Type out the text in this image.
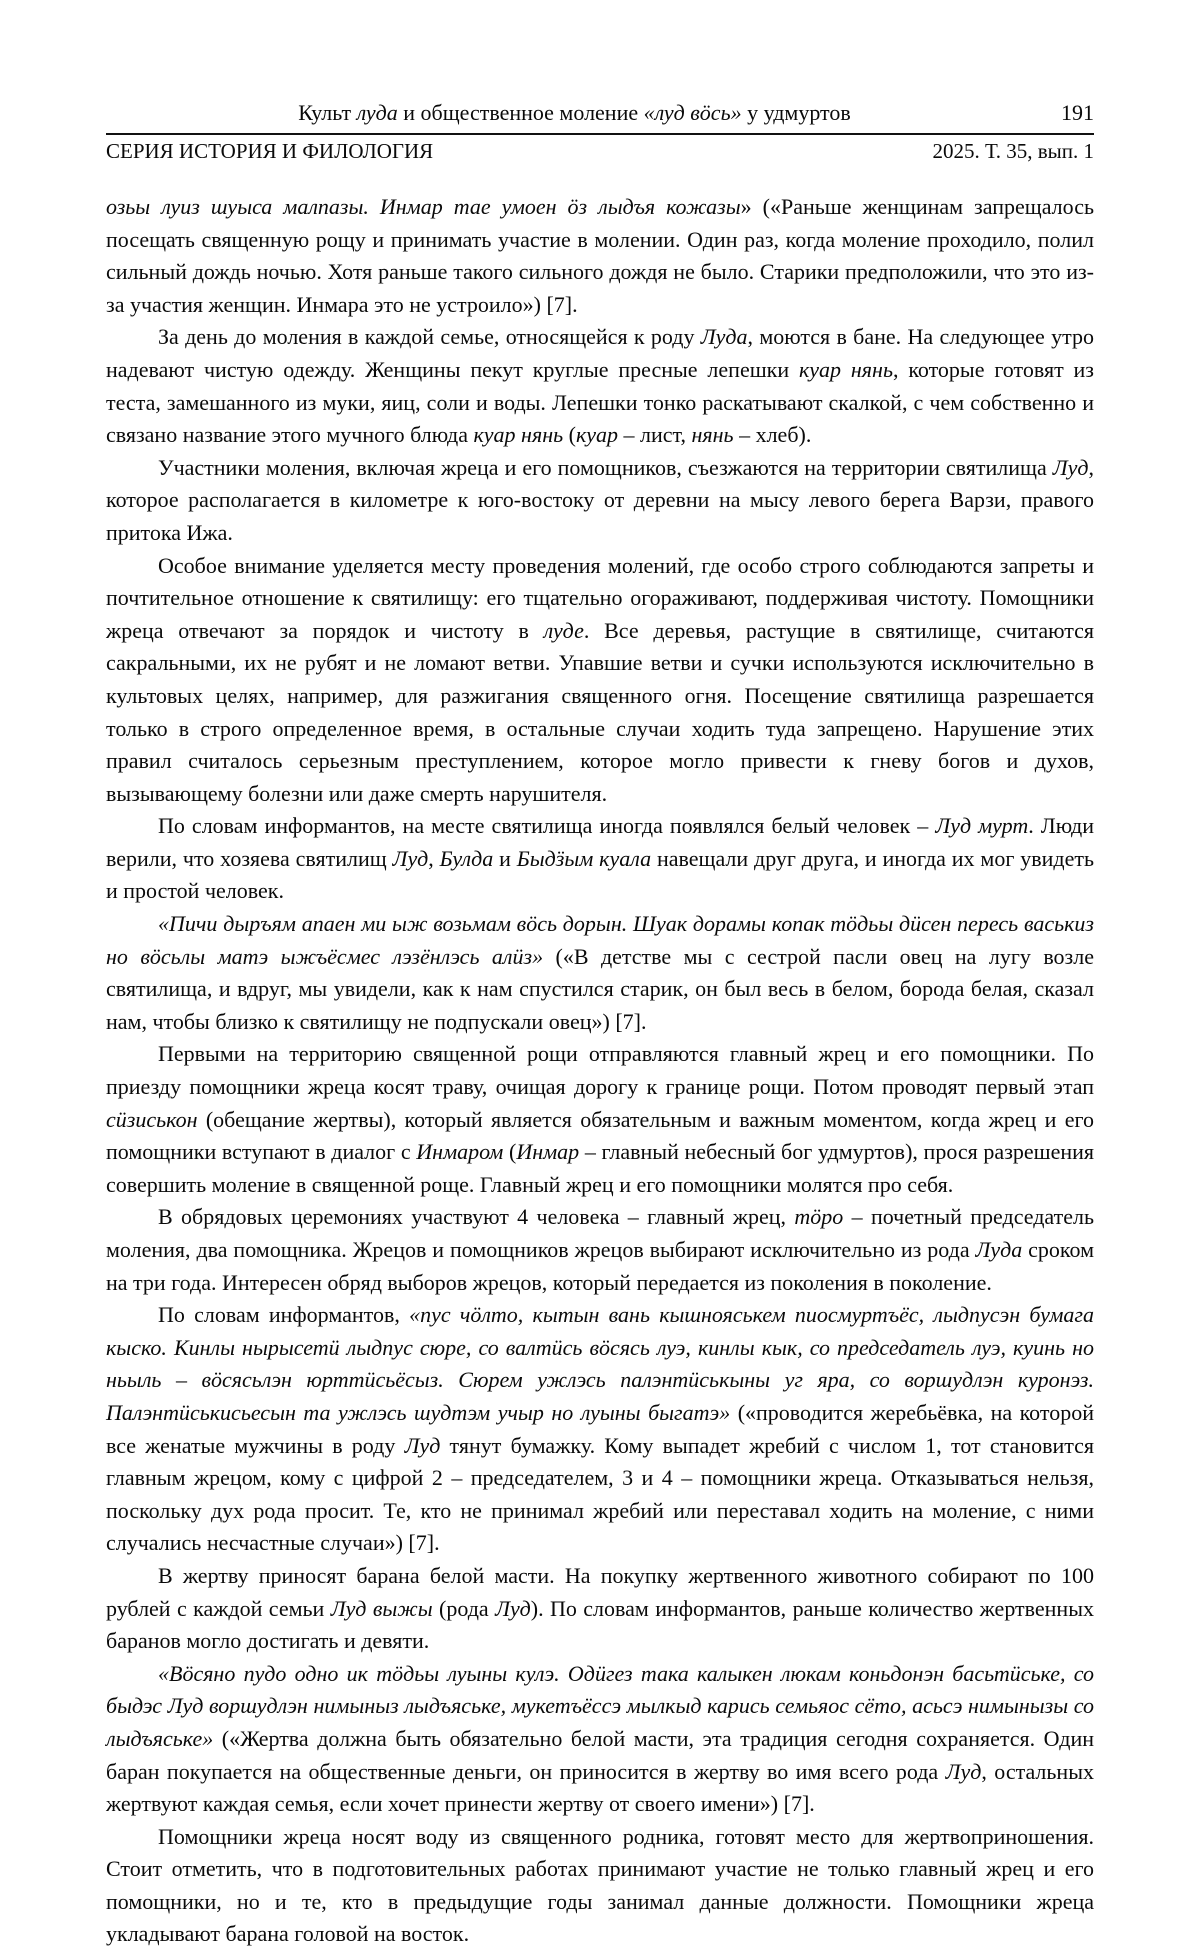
Культ луда и общественное моление «луд вöсь» у удмуртов	191
СЕРИЯ ИСТОРИЯ И ФИЛОЛОГИЯ	2025. Т. 35, вып. 1

озьы луиз шуыса малпазы. Инмар тае умоен öз лыдъя кожазы» («Раньше женщинам запрещалось посещать священную рощу и принимать участие в молении. Один раз, когда моление проходило, полил сильный дождь ночью. Хотя раньше такого сильного дождя не было. Старики предположили, что это из-за участия женщин. Инмара это не устроило») [7].

За день до моления в каждой семье, относящейся к роду Луда, моются в бане. На следующее утро надевают чистую одежду. Женщины пекут круглые пресные лепешки куар нянь, которые готовят из теста, замешанного из муки, яиц, соли и воды. Лепешки тонко раскатывают скалкой, с чем собственно и связано название этого мучного блюда куар нянь (куар – лист, нянь – хлеб).

Участники моления, включая жреца и его помощников, съезжаются на территории святилища Луд, которое располагается в километре к юго-востоку от деревни на мысу левого берега Варзи, правого притока Ижа.

Особое внимание уделяется месту проведения молений, где особо строго соблюдаются запреты и почтительное отношение к святилищу: его тщательно огораживают, поддерживая чистоту. Помощники жреца отвечают за порядок и чистоту в луде. Все деревья, растущие в святилище, считаются сакральными, их не рубят и не ломают ветви. Упавшие ветви и сучки используются исключительно в культовых целях, например, для разжигания священного огня. Посещение святилища разрешается только в строго определенное время, в остальные случаи ходить туда запрещено. Нарушение этих правил считалось серьезным преступлением, которое могло привести к гневу богов и духов, вызывающему болезни или даже смерть нарушителя.

По словам информантов, на месте святилища иногда появлялся белый человек – Луд мурт. Люди верили, что хозяева святилищ Луд, Булда и Быдӟым куала навещали друг друга, и иногда их мог увидеть и простой человек.

«Пичи дыръям апаен ми ыж возьмам вöсь дорын. Шуак дорамы копак тöдьы дüсен пересь васькиз но вöсьлы матэ ыжъёсмес лэзёнлэсь алüз» («В детстве мы с сестрой пасли овец на лугу возле святилища, и вдруг, мы увидели, как к нам спустился старик, он был весь в белом, борода белая, сказал нам, чтобы близко к святилищу не подпускали овец») [7].

Первыми на территорию священной рощи отправляются главный жрец и его помощники. По приезду помощники жреца косят траву, очищая дорогу к границе рощи. Потом проводят первый этап сüзиськон (обещание жертвы), который является обязательным и важным моментом, когда жрец и его помощники вступают в диалог с Инмаром (Инмар – главный небесный бог удмуртов), прося разрешения совершить моление в священной роще. Главный жрец и его помощники молятся про себя.

В обрядовых церемониях участвуют 4 человека – главный жрец, тöро – почетный председатель моления, два помощника. Жрецов и помощников жрецов выбирают исключительно из рода Луда сроком на три года. Интересен обряд выборов жрецов, который передается из поколения в поколение.

По словам информантов, «пус чöлто, кытын вань кышнояськем пиосмуртъёс, лыдпусэн бумага кыско. Кинлы нырысетü лыдпус сюре, со валтüсь вöсясь луэ, кинлы кык, со председатель луэ, куинь но ньыль – вöсясьлэн юрттüсьёсыз. Сюрем ужлэсь палэнтüськыны уг яра, со воршудлэн куронэз. Палэнтüськисьесын та ужлэсь шудтэм учыр но луыны быгатэ» («проводится жеребьёвка, на которой все женатые мужчины в роду Луд тянут бумажку. Кому выпадет жребий с числом 1, тот становится главным жрецом, кому с цифрой 2 – председателем, 3 и 4 – помощники жреца. Отказываться нельзя, поскольку дух рода просит. Те, кто не принимал жребий или переставал ходить на моление, с ними случались несчастные случаи») [7].

В жертву приносят барана белой масти. На покупку жертвенного животного собирают по 100 рублей с каждой семьи Луд выжы (рода Луд). По словам информантов, раньше количество жертвенных баранов могло достигать и девяти.

«Вöсяно пудо одно ик тöдьы луыны кулэ. Одüгез така калыкен люкам коньдонэн басьтüське, со быдэс Луд воршудлэн нимыныз лыдъяське, мукетъёссэ мылкыд карись семьяос сёто, асьсэ нимынызы со лыдъяське» («Жертва должна быть обязательно белой масти, эта традиция сегодня сохраняется. Один баран покупается на общественные деньги, он приносится в жертву во имя всего рода Луд, остальных жертвуют каждая семья, если хочет принести жертву от своего имени») [7].

Помощники жреца носят воду из священного родника, готовят место для жертвоприношения. Стоит отметить, что в подготовительных работах принимают участие не только главный жрец и его помощники, но и те, кто в предыдущие годы занимал данные должности. Помощники жреца укладывают барана головой на восток.
